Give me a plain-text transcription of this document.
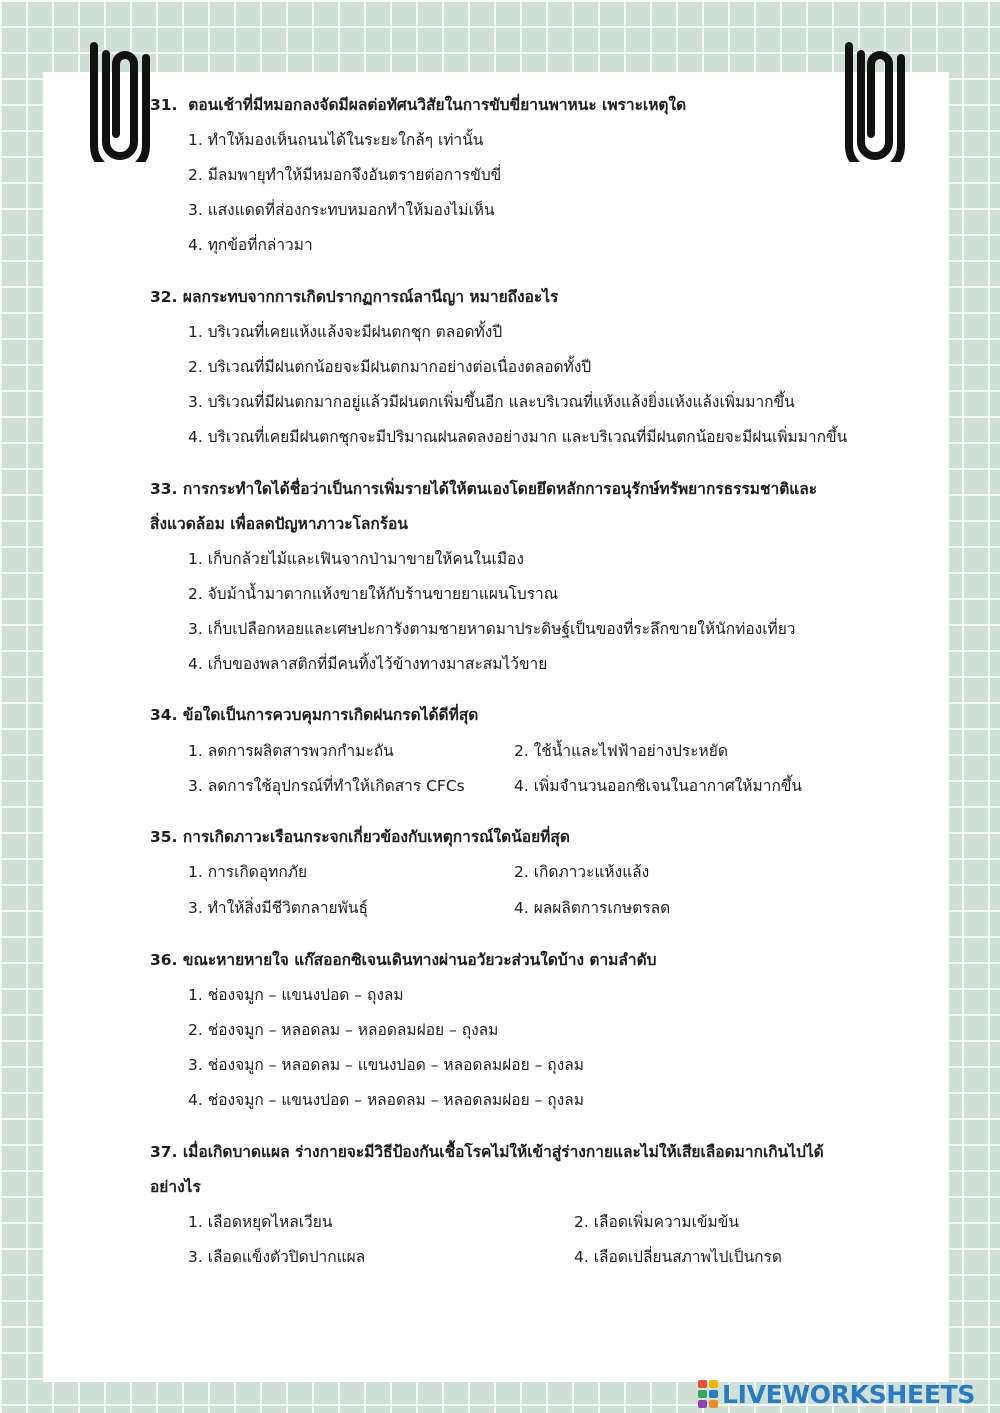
31. ตอนเช้าที่มีหมอกลงจัดมีผลต่อทัศนวิสัยในการขับขี่ยานพาหนะ เพราะเหตุใด

1. ทำให้มองเห็นถนนได้ในระยะใกล้ๆ เท่านั้น
2. มีลมพายุทำให้มีหมอกจึงอันตรายต่อการขับขี่
3. แสงแดดที่ส่องกระทบหมอกทำให้มองไม่เห็น
4. ทุกข้อที่กล่าวมา

32. ผลกระทบจากการเกิดปรากฏการณ์ลานีญา หมายถึงอะไร

1. บริเวณที่เคยแห้งแล้งจะมีฝนตกชุก ตลอดทั้งปี
2. บริเวณที่มีฝนตกน้อยจะมีฝนตกมากอย่างต่อเนื่องตลอดทั้งปี
3. บริเวณที่มีฝนตกมากอยู่แล้วมีฝนตกเพิ่มขึ้นอีก และบริเวณที่แห้งแล้งยิ่งแห้งแล้งเพิ่มมากขึ้น
4. บริเวณที่เคยมีฝนตกชุกจะมีปริมาณฝนลดลงอย่างมาก และบริเวณที่มีฝนตกน้อยจะมีฝนเพิ่มมากขึ้น

33. การกระทำใดได้ชื่อว่าเป็นการเพิ่มรายได้ให้ตนเองโดยยึดหลักการอนุรักษ์ทรัพยากรธรรมชาติและ

สิ่งแวดล้อม เพื่อลดปัญหาภาวะโลกร้อน

1. เก็บกล้วยไม้และเฟินจากป่ามาขายให้คนในเมือง
2. จับม้าน้ำมาตากแห้งขายให้กับร้านขายยาแผนโบราณ
3. เก็บเปลือกหอยและเศษปะการังตามชายหาดมาประดิษฐ์เป็นของที่ระลึกขายให้นักท่องเที่ยว
4. เก็บของพลาสติกที่มีคนทิ้งไว้ข้างทางมาสะสมไว้ขาย

34. ข้อใดเป็นการควบคุมการเกิดฝนกรดได้ดีที่สุด

1. ลดการผลิตสารพวกกำมะถัน	2. ใช้น้ำและไฟฟ้าอย่างประหยัด
3. ลดการใช้อุปกรณ์ที่ทำให้เกิดสาร CFCs	4. เพิ่มจำนวนออกซิเจนในอากาศให้มากขึ้น

35. การเกิดภาวะเรือนกระจกเกี่ยวข้องกับเหตุการณ์ใดน้อยที่สุด

1. การเกิดอุทกภัย	2. เกิดภาวะแห้งแล้ง
3. ทำให้สิ่งมีชีวิตกลายพันธุ์	4. ผลผลิตการเกษตรลด

36. ขณะหายหายใจ แก๊สออกซิเจนเดินทางผ่านอวัยวะส่วนใดบ้าง ตามลำดับ

1. ช่องจมูก – แขนงปอด – ถุงลม
2. ช่องจมูก – หลอดลม – หลอดลมฝอย – ถุงลม
3. ช่องจมูก – หลอดลม – แขนงปอด – หลอดลมฝอย – ถุงลม
4. ช่องจมูก – แขนงปอด – หลอดลม – หลอดลมฝอย – ถุงลม

37. เมื่อเกิดบาดแผล ร่างกายจะมีวิธีป้องกันเชื้อโรคไม่ให้เข้าสู่ร่างกายและไม่ให้เสียเลือดมากเกินไปได้

อย่างไร

1. เลือดหยุดไหลเวียน	2. เลือดเพิ่มความเข้มข้น
3. เลือดแข็งตัวปิดปากแผล	4. เลือดเปลี่ยนสภาพไปเป็นกรด
LIVEWORKSHEETS
